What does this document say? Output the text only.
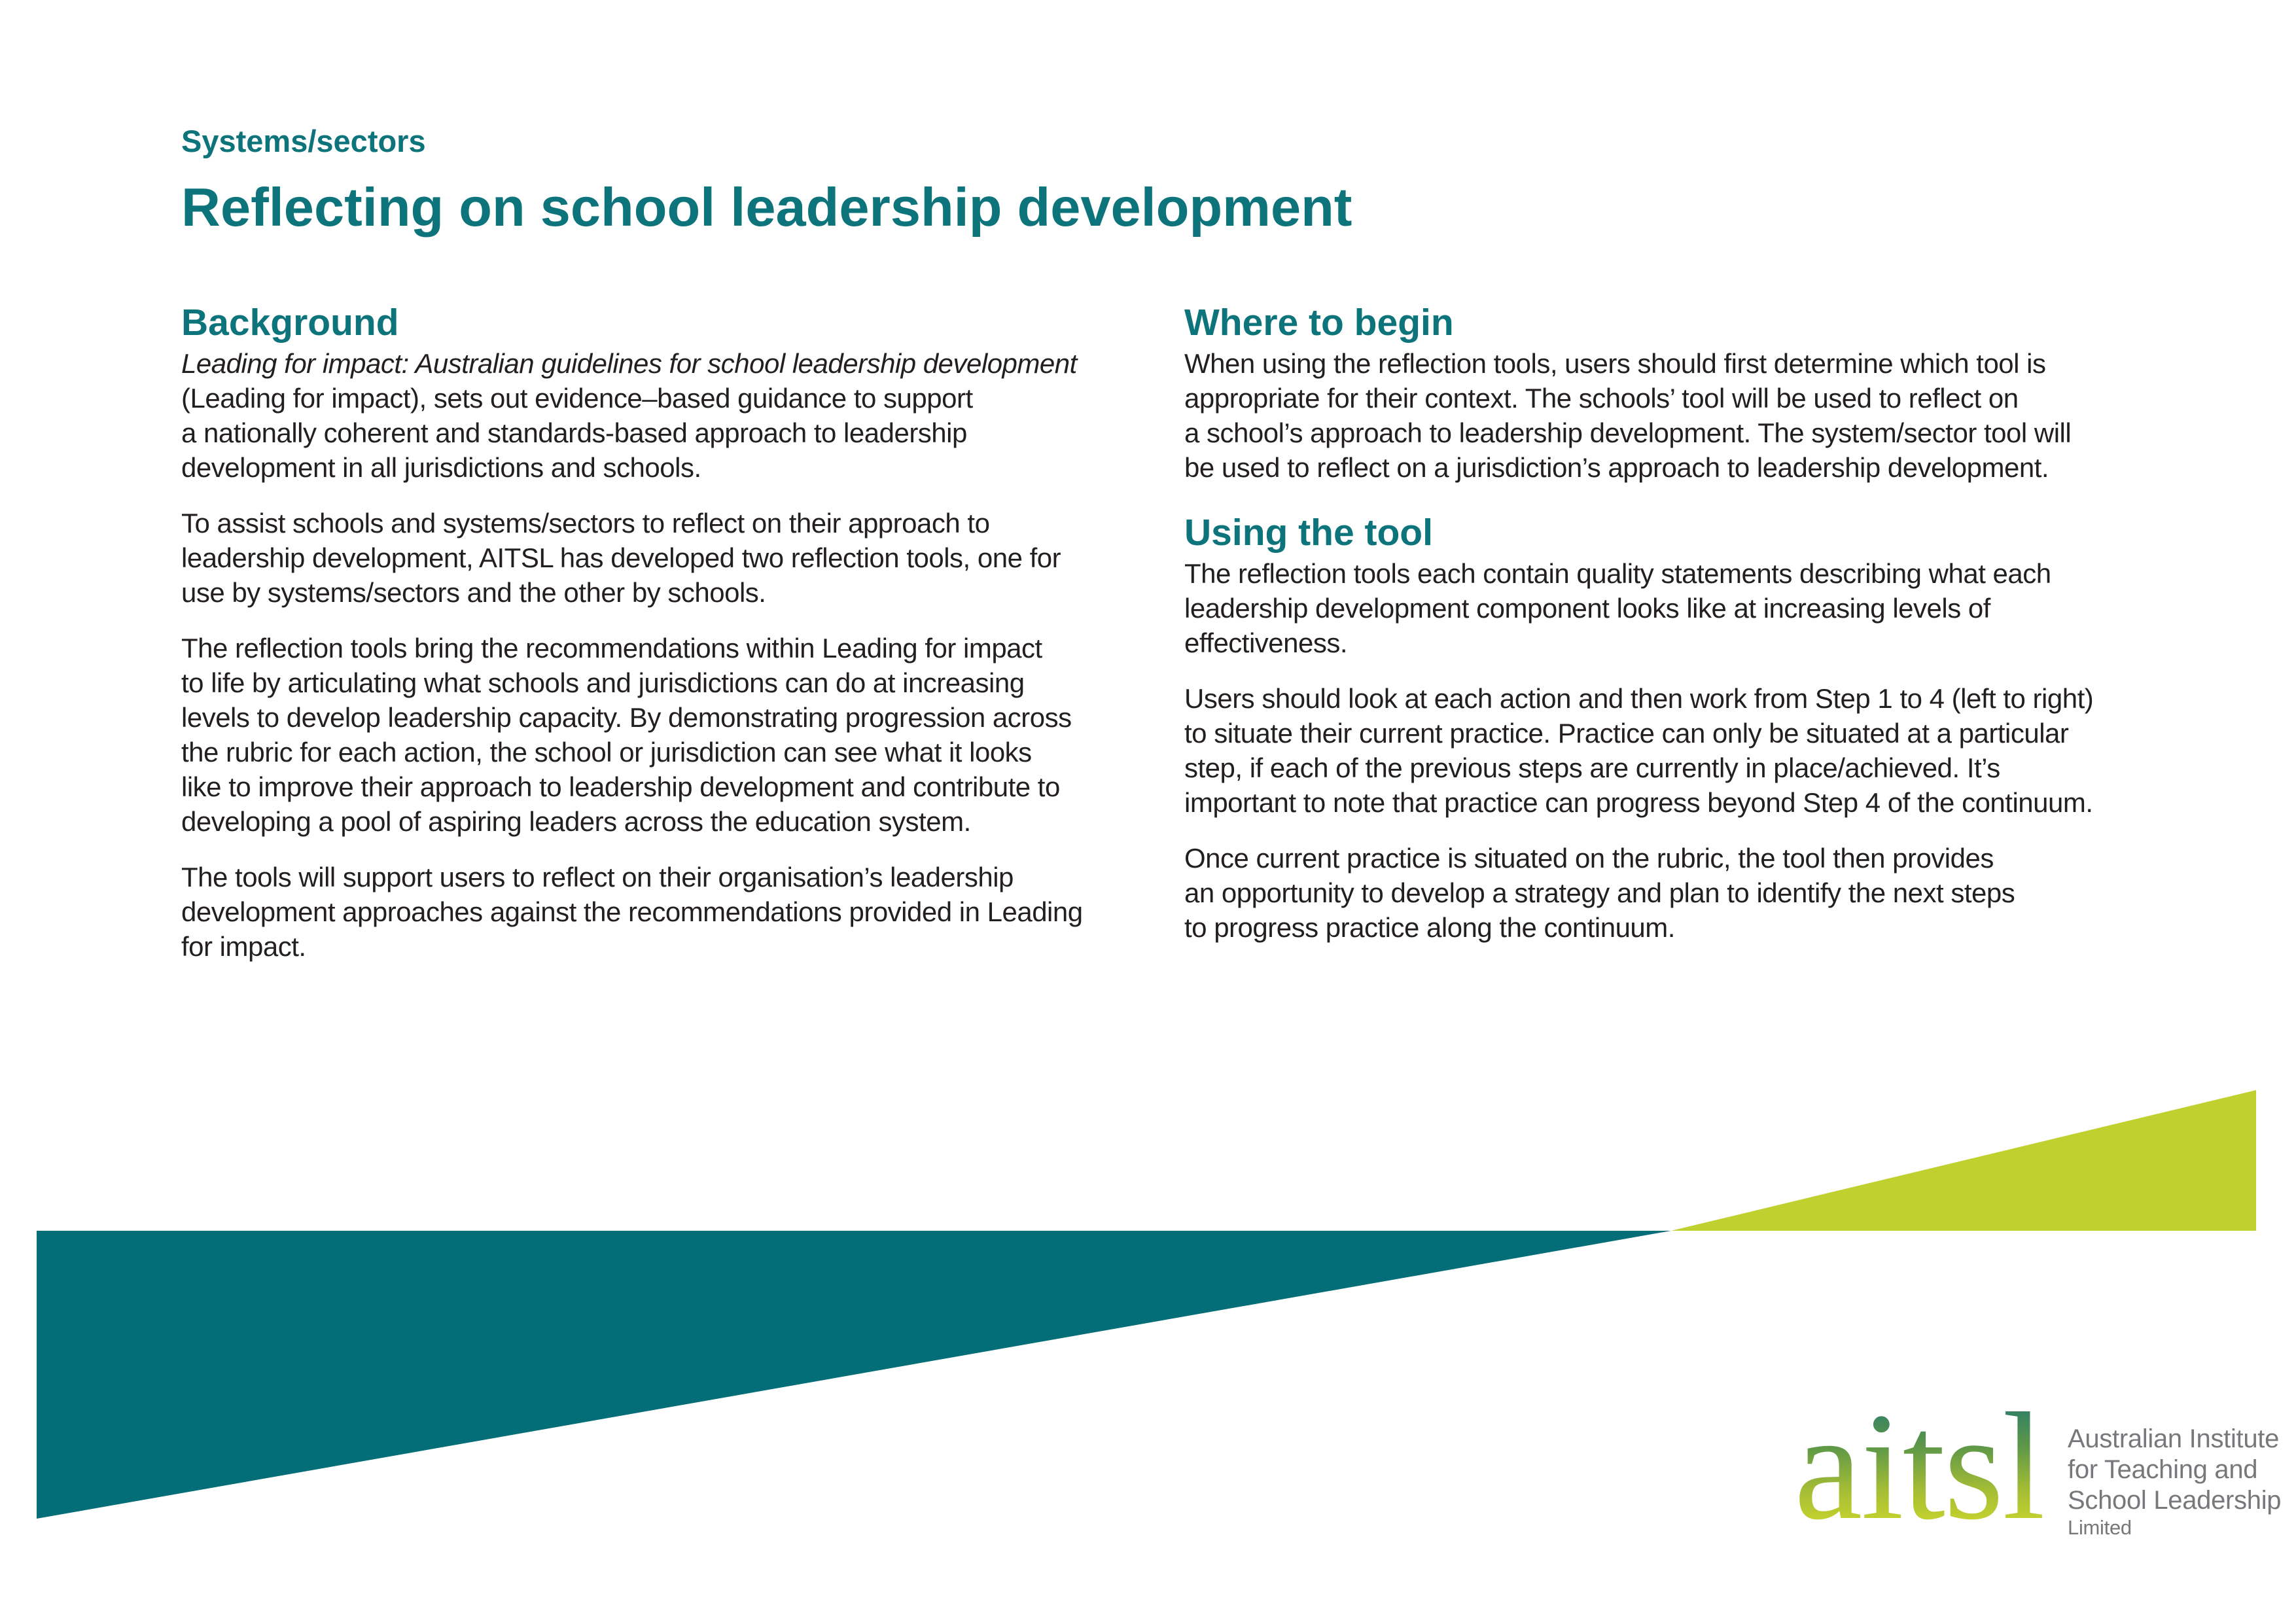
Systems/sectors
Reflecting on school leadership development
Background

Leading for impact: Australian guidelines for school leadership development
(Leading for impact), sets out evidence–based guidance to support
a nationally coherent and standards-based approach to leadership
development in all jurisdictions and schools.

To assist schools and systems/sectors to reflect on their approach to
leadership development, AITSL has developed two reflection tools, one for
use by systems/sectors and the other by schools.

The reflection tools bring the recommendations within Leading for impact
to life by articulating what schools and jurisdictions can do at increasing
levels to develop leadership capacity. By demonstrating progression across
the rubric for each action, the school or jurisdiction can see what it looks
like to improve their approach to leadership development and contribute to
developing a pool of aspiring leaders across the education system.

The tools will support users to reflect on their organisation’s leadership
development approaches against the recommendations provided in Leading
for impact.

Where to begin

When using the reflection tools, users should first determine which tool is
appropriate for their context. The schools’ tool will be used to reflect on
a school’s approach to leadership development. The system/sector tool will
be used to reflect on a jurisdiction’s approach to leadership development.

Using the tool

The reflection tools each contain quality statements describing what each
leadership development component looks like at increasing levels of
effectiveness.

Users should look at each action and then work from Step 1 to 4 (left to right)
to situate their current practice. Practice can only be situated at a particular
step, if each of the previous steps are currently in place/achieved. It’s
important to note that practice can progress beyond Step 4 of the continuum.

Once current practice is situated on the rubric, the tool then provides
an opportunity to develop a strategy and plan to identify the next steps
to progress practice along the continuum.

aitsl Australian Institute
for Teaching and
School Leadership
Limited
